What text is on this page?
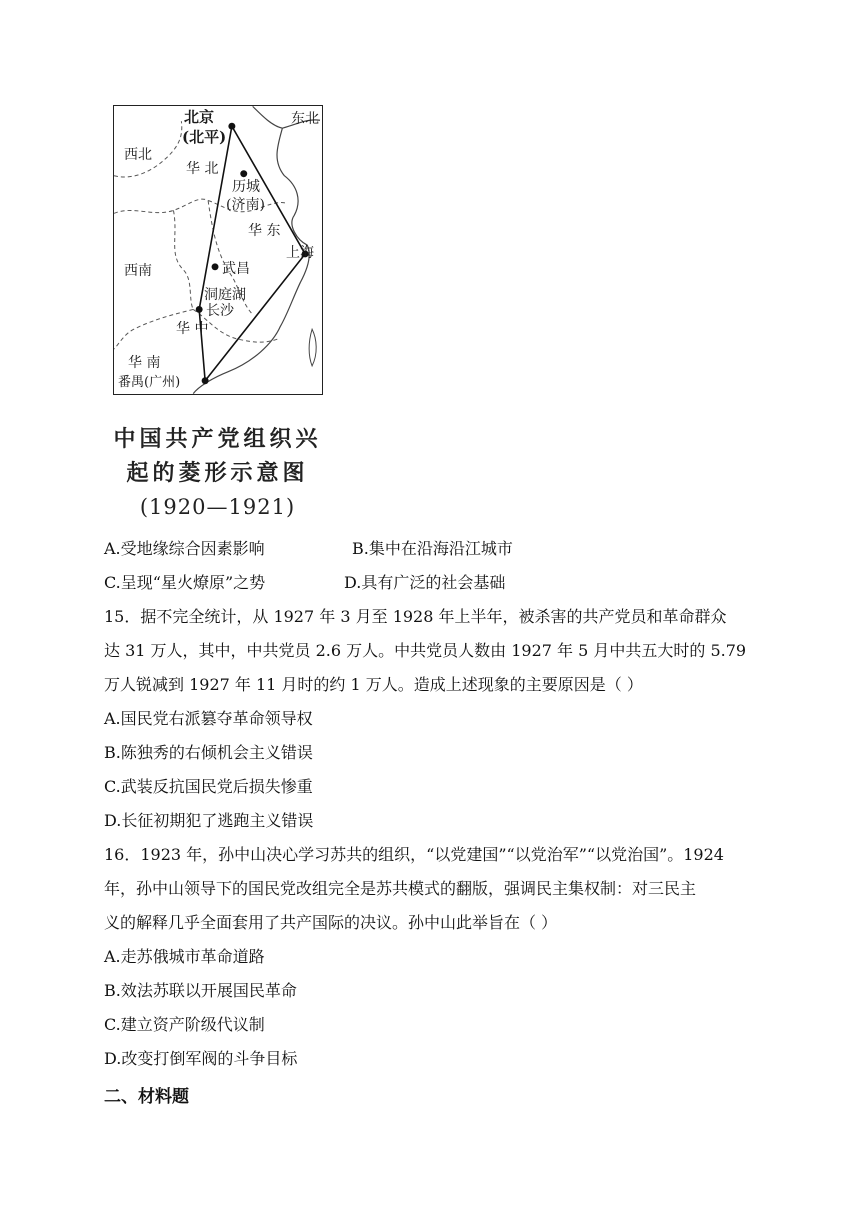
北京
(北平)
东北
西北
华 北
历城
(济南)
华 东
上海
西南	武昌
洞庭湖
长沙
华 中
华 南
番禺(广州)
中国共产党组织兴
起的菱形示意图
(1920—1921)
A.受地缘综合因素影响	B.集中在沿海沿江城市
C.呈现“星火燎原”之势	D.具有广泛的社会基础
15．据不完全统计，从 1927 年 3 月至 1928 年上半年，被杀害的共产党员和革命群众
达 31 万人，其中，中共党员 2.6 万人。中共党员人数由 1927 年 5 月中共五大时的 5.79
万人锐减到 1927 年 11 月时的约 1 万人。造成上述现象的主要原因是（ ）
A.国民党右派篡夺革命领导权
B.陈独秀的右倾机会主义错误
C.武装反抗国民党后损失惨重
D.长征初期犯了逃跑主义错误
16．1923 年，孙中山决心学习苏共的组织，“以党建国”“以党治军”“以党治国”。1924
年，孙中山领导下的国民党改组完全是苏共模式的翻版，强调民主集权制：对三民主
义的解释几乎全面套用了共产国际的决议。孙中山此举旨在（ ）
A.走苏俄城市革命道路
B.效法苏联以开展国民革命
C.建立资产阶级代议制
D.改变打倒军阀的斗争目标
二、材料题
